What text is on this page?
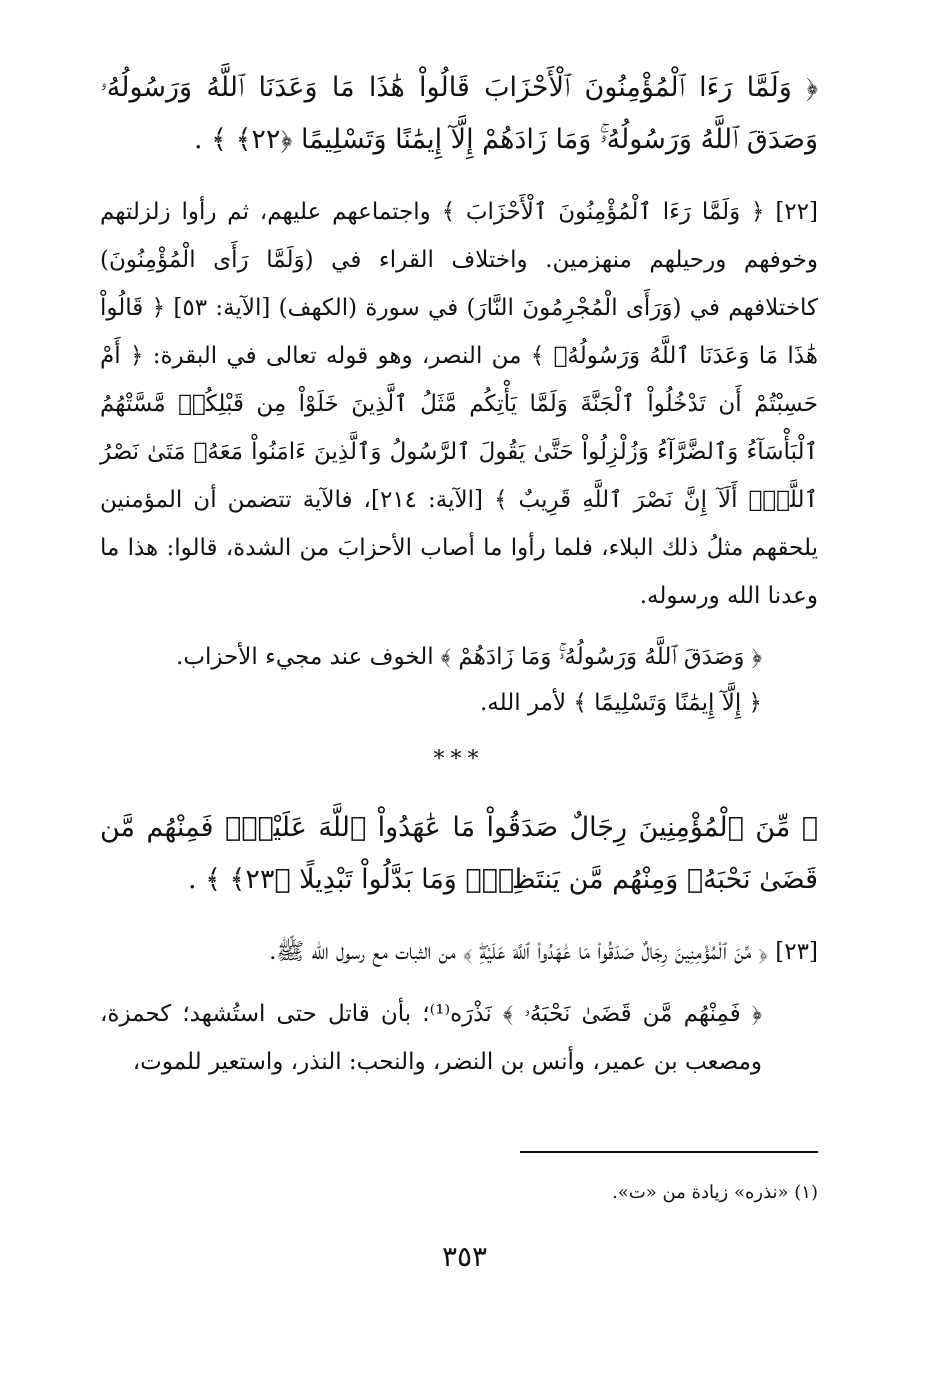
﴿ وَلَمَّا رَءَا ٱلْمُؤْمِنُونَ ٱلْأَحْزَابَ قَالُواْ هَٰذَا مَا وَعَدَنَا ٱللَّهُ وَرَسُولُهُۥ وَصَدَقَ ٱللَّهُ وَرَسُولُهُۥۚ وَمَا زَادَهُمْ إِلَّآ إِيمَٰنًا وَتَسْلِيمًا ﴿٢٢﴾ ﴾ .

[٢٢] ﴿ وَلَمَّا رَءَا ٱلْمُؤْمِنُونَ ٱلْأَحْزَابَ ﴾ واجتماعهم عليهم، ثم رأوا زلزلتهم وخوفهم ورحيلهم منهزمين. واختلاف القراء في (وَلَمَّا رَأَى الْمُؤْمِنُونَ) كاختلافهم في (وَرَأَى الْمُجْرِمُونَ النَّارَ) في سورة (الكهف) [الآية: ٥٣] ﴿ قَالُواْ هَٰذَا مَا وَعَدَنَا ٱللَّهُ وَرَسُولُهُۥ ﴾ من النصر، وهو قوله تعالى في البقرة: ﴿ أَمْ حَسِبْتُمْ أَن تَدْخُلُواْ ٱلْجَنَّةَ وَلَمَّا يَأْتِكُم مَّثَلُ ٱلَّذِينَ خَلَوْاْ مِن قَبْلِكُمۖ مَّسَّتْهُمُ ٱلْبَأْسَآءُ وَٱلضَّرَّآءُ وَزُلْزِلُواْ حَتَّىٰ يَقُولَ ٱلرَّسُولُ وَٱلَّذِينَ ءَامَنُواْ مَعَهُۥ مَتَىٰ نَصْرُ ٱللَّهِۗ أَلَآ إِنَّ نَصْرَ ٱللَّهِ قَرِيبٌ ﴾ [الآية: ٢١٤]، فالآية تتضمن أن المؤمنين يلحقهم مثلُ ذلك البلاء، فلما رأوا ما أصاب الأحزابَ من الشدة، قالوا: هذا ما وعدنا الله ورسوله.

﴿ وَصَدَقَ ٱللَّهُ وَرَسُولُهُۥۚ وَمَا زَادَهُمْ ﴾ الخوف عند مجيء الأحزاب.

﴿ إِلَّآ إِيمَٰنًا وَتَسْلِيمًا ﴾ لأمر الله.

***

﴿ مِّنَ ٱلْمُؤْمِنِينَ رِجَالٌ صَدَقُواْ مَا عَٰهَدُواْ ٱللَّهَ عَلَيْهِۖ فَمِنْهُم مَّن قَضَىٰ نَحْبَهُۥ وَمِنْهُم مَّن يَنتَظِرُۖ وَمَا بَدَّلُواْ تَبْدِيلًا ﴿٢٣﴾ ﴾ .

[٢٣] ﴿ مِّنَ ٱلْمُؤْمِنِينَ رِجَالٌ صَدَقُواْ مَا عَٰهَدُواْ ٱللَّهَ عَلَيْهِۖ ﴾ من الثبات مع رسول الله ﷺ.

﴿ فَمِنْهُم مَّن قَضَىٰ نَحْبَهُۥ ﴾ نَذْرَه⁽¹⁾؛ بأن قاتل حتى استُشهد؛ كحمزة، ومصعب بن عمير، وأنس بن النضر، والنحب: النذر، واستعير للموت،

(١) «نذره» زيادة من «ت».
٣٥٣
